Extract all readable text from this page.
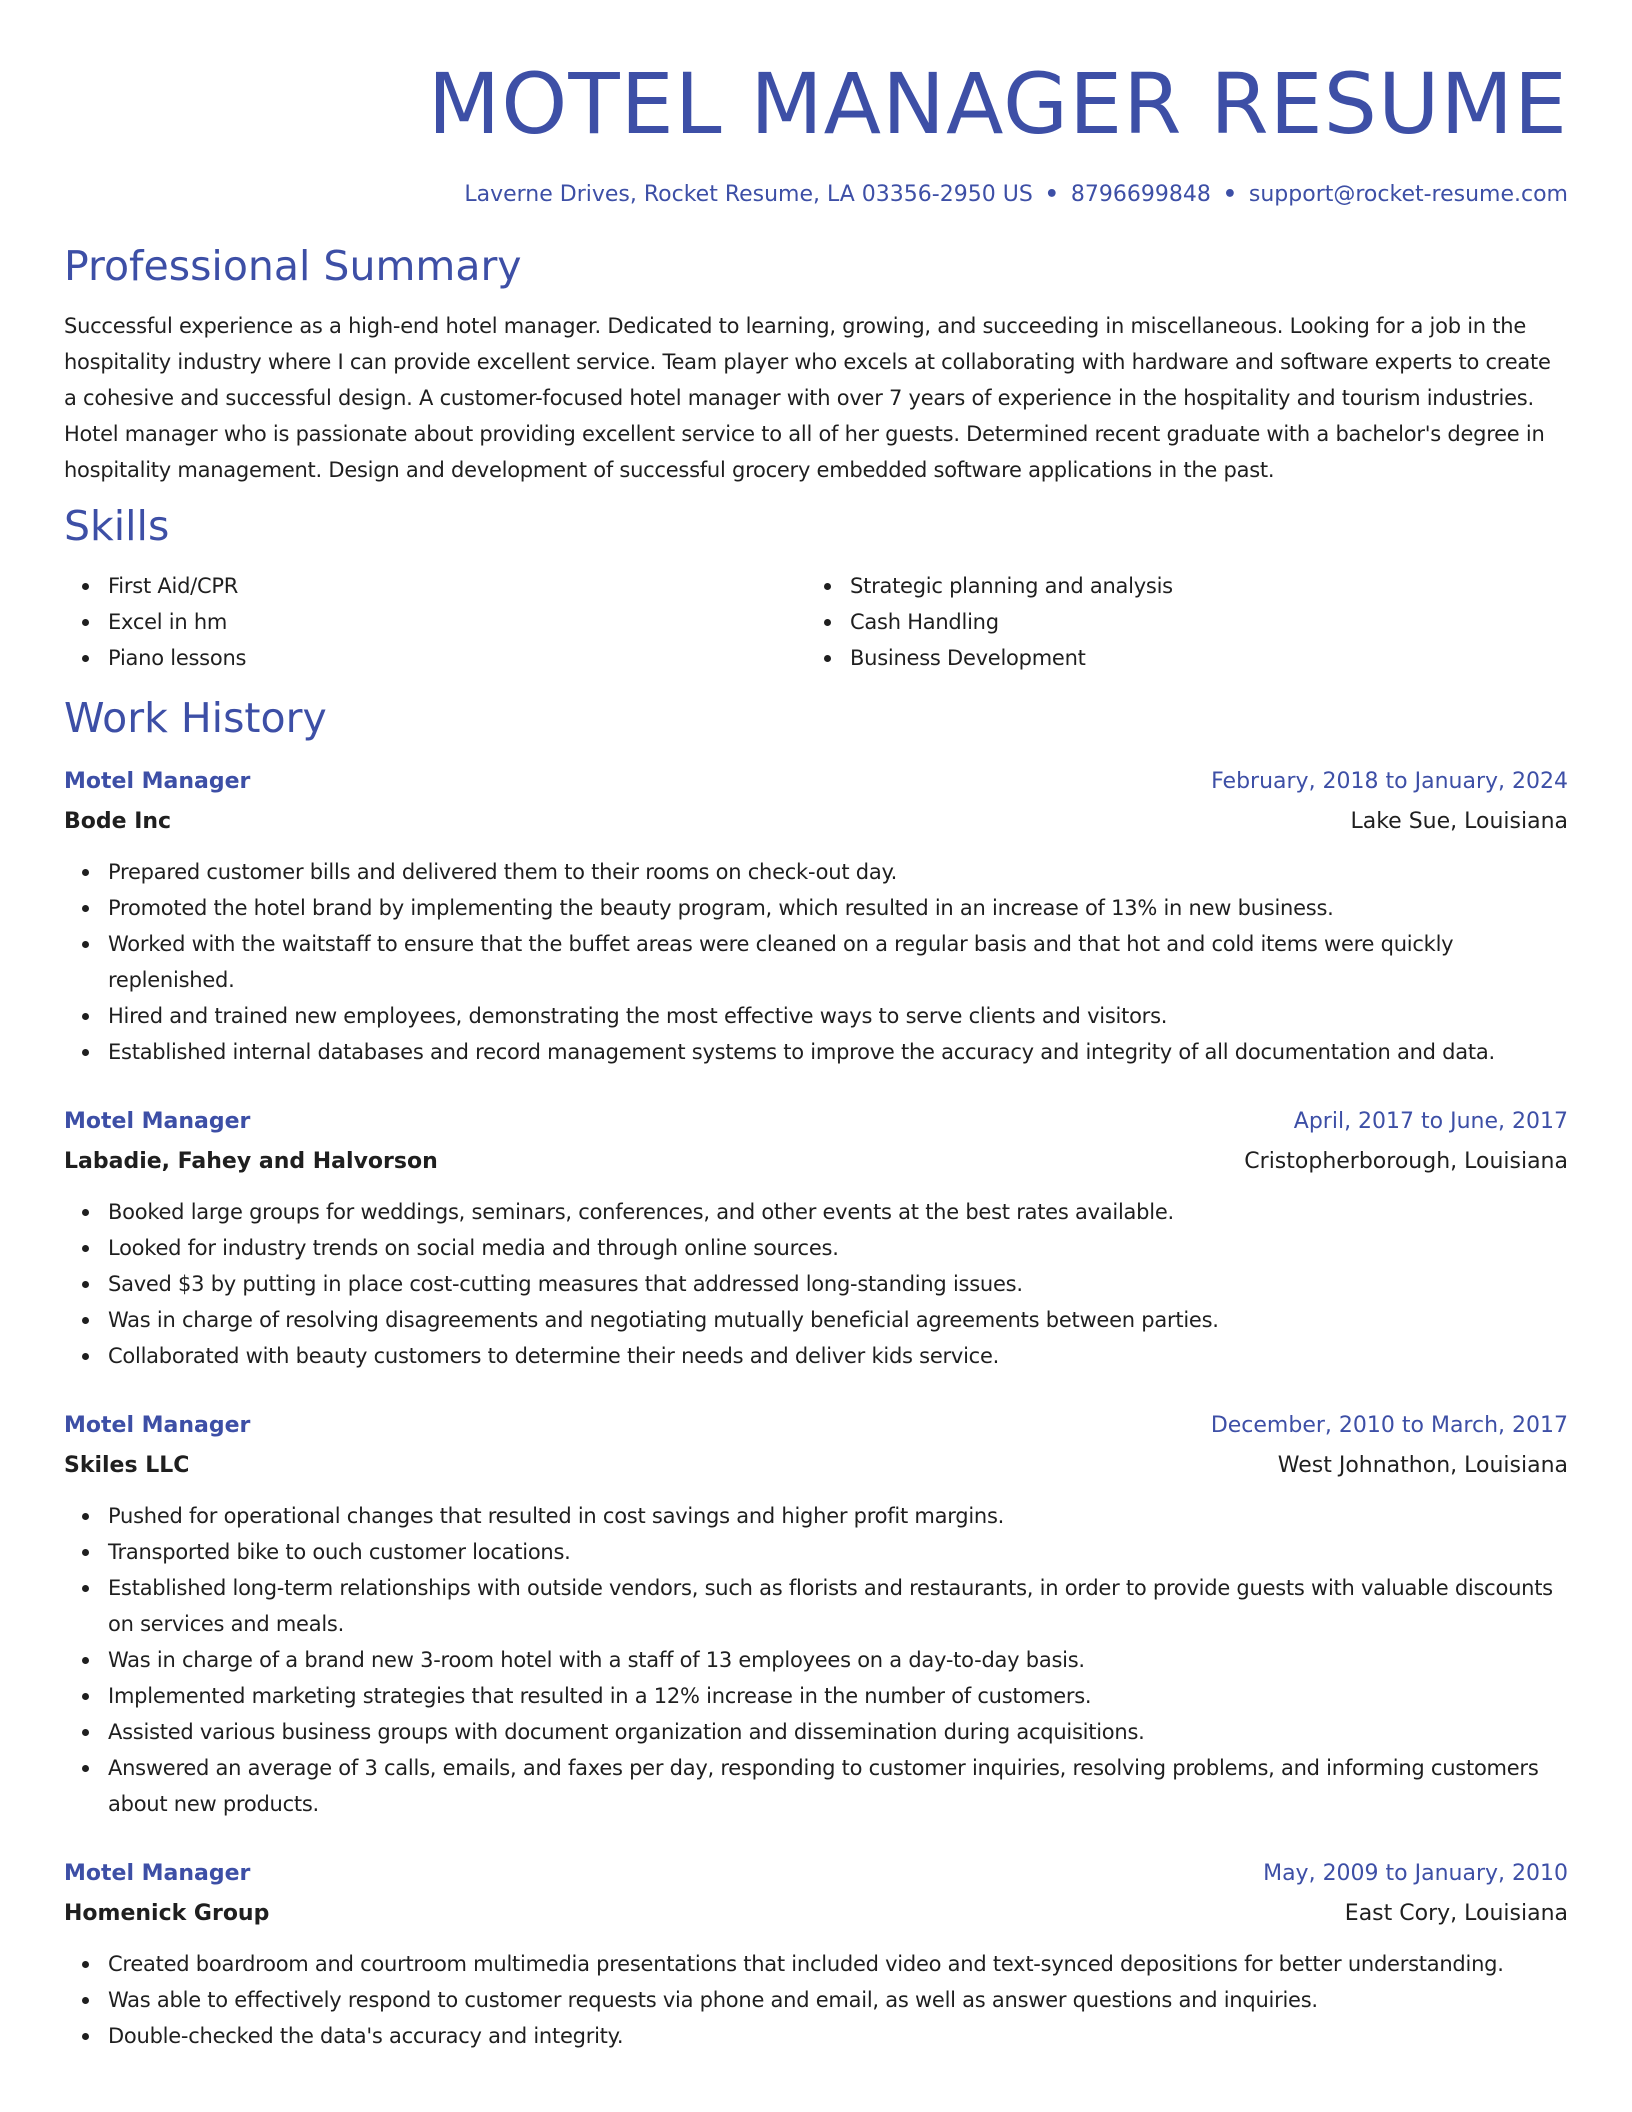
MOTEL MANAGER RESUME
Laverne Drives, Rocket Resume, LA 03356-2950 US • 8796699848 • support@rocket-resume.com
Professional Summary

Successful experience as a high-end hotel manager. Dedicated to learning, growing, and succeeding in miscellaneous. Looking for a job in the hospitality industry where I can provide excellent service. Team player who excels at collaborating with hardware and software experts to create a cohesive and successful design. A customer-focused hotel manager with over 7 years of experience in the hospitality and tourism industries. Hotel manager who is passionate about providing excellent service to all of her guests. Determined recent graduate with a bachelor's degree in hospitality management. Design and development of successful grocery embedded software applications in the past.

Skills
First Aid/CPR
Excel in hm
Piano lessons
Strategic planning and analysis
Cash Handling
Business Development
Work History
Motel Manager	February, 2018 to January, 2024
Bode Inc	Lake Sue, Louisiana
Prepared customer bills and delivered them to their rooms on check-out day.
Promoted the hotel brand by implementing the beauty program, which resulted in an increase of 13% in new business.
Worked with the waitstaff to ensure that the buffet areas were cleaned on a regular basis and that hot and cold items were quickly replenished.
Hired and trained new employees, demonstrating the most effective ways to serve clients and visitors.
Established internal databases and record management systems to improve the accuracy and integrity of all documentation and data.
Motel Manager	April, 2017 to June, 2017
Labadie, Fahey and Halvorson	Cristopherborough, Louisiana
Booked large groups for weddings, seminars, conferences, and other events at the best rates available.
Looked for industry trends on social media and through online sources.
Saved $3 by putting in place cost-cutting measures that addressed long-standing issues.
Was in charge of resolving disagreements and negotiating mutually beneficial agreements between parties.
Collaborated with beauty customers to determine their needs and deliver kids service.
Motel Manager	December, 2010 to March, 2017
Skiles LLC	West Johnathon, Louisiana
Pushed for operational changes that resulted in cost savings and higher profit margins.
Transported bike to ouch customer locations.
Established long-term relationships with outside vendors, such as florists and restaurants, in order to provide guests with valuable discounts on services and meals.
Was in charge of a brand new 3-room hotel with a staff of 13 employees on a day-to-day basis.
Implemented marketing strategies that resulted in a 12% increase in the number of customers.
Assisted various business groups with document organization and dissemination during acquisitions.
Answered an average of 3 calls, emails, and faxes per day, responding to customer inquiries, resolving problems, and informing customers about new products.
Motel Manager	May, 2009 to January, 2010
Homenick Group	East Cory, Louisiana
Created boardroom and courtroom multimedia presentations that included video and text-synced depositions for better understanding.
Was able to effectively respond to customer requests via phone and email, as well as answer questions and inquiries.
Double-checked the data's accuracy and integrity.
